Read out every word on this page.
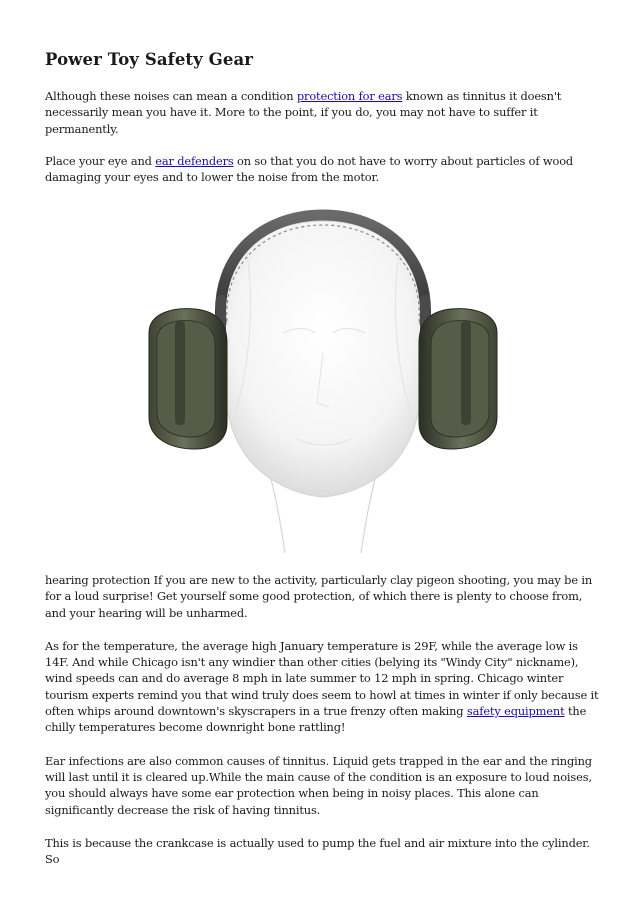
Power Toy Safety Gear

Although these noises can mean a condition protection for ears known as tinnitus it doesn't necessarily mean you have it. More to the point, if you do, you may not have to suffer it permanently.

Place your eye and ear defenders on so that you do not have to worry about particles of wood damaging your eyes and to lower the noise from the motor.

hearing protection If you are new to the activity, particularly clay pigeon shooting, you may be in for a loud surprise! Get yourself some good protection, of which there is plenty to choose from, and your hearing will be unharmed.

As for the temperature, the average high January temperature is 29F, while the average low is 14F. And while Chicago isn't any windier than other cities (belying its "Windy City" nickname), wind speeds can and do average 8 mph in late summer to 12 mph in spring. Chicago winter tourism experts remind you that wind truly does seem to howl at times in winter if only because it often whips around downtown's skyscrapers in a true frenzy often making safety equipment the chilly temperatures become downright bone rattling!

Ear infections are also common causes of tinnitus. Liquid gets trapped in the ear and the ringing will last until it is cleared up.While the main cause of the condition is an exposure to loud noises, you should always have some ear protection when being in noisy places. This alone can significantly decrease the risk of having tinnitus.

This is because the crankcase is actually used to pump the fuel and air mixture into the cylinder. So
